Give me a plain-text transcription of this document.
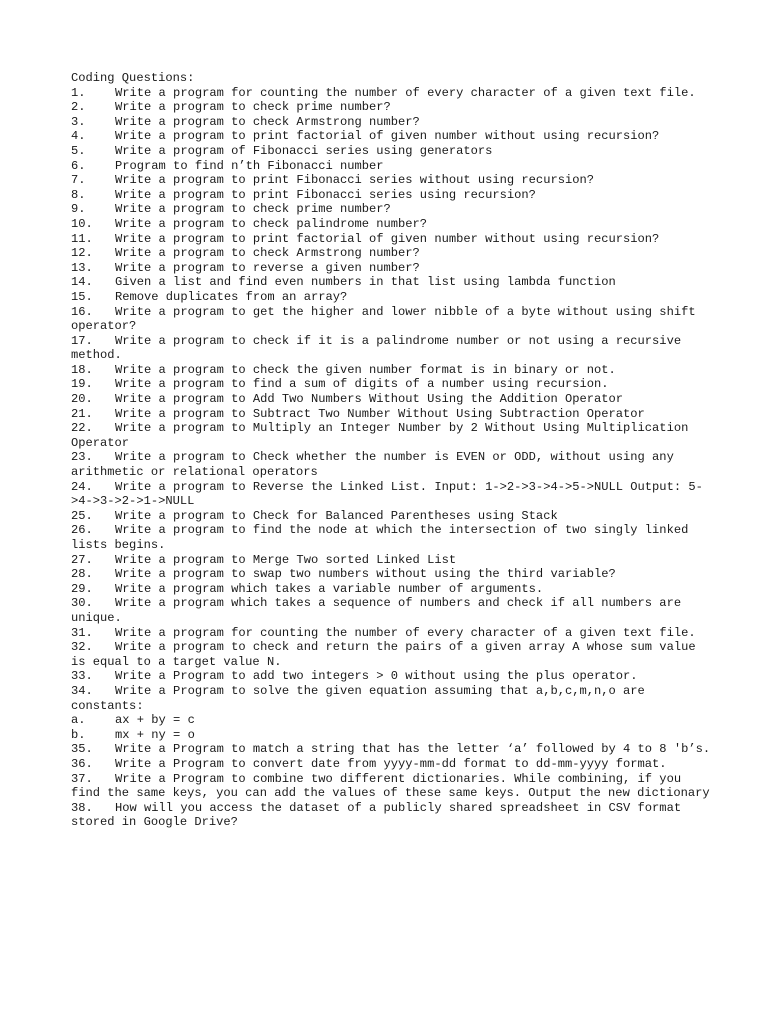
Coding Questions:
1. Write a program for counting the number of every character of a given text file.
2. Write a program to check prime number?
3. Write a program to check Armstrong number?
4. Write a program to print factorial of given number without using recursion?
5. Write a program of Fibonacci series using generators
6. Program to find n’th Fibonacci number
7. Write a program to print Fibonacci series without using recursion?
8. Write a program to print Fibonacci series using recursion?
9. Write a program to check prime number?
10. Write a program to check palindrome number?
11. Write a program to print factorial of given number without using recursion?
12. Write a program to check Armstrong number?
13. Write a program to reverse a given number?
14. Given a list and find even numbers in that list using lambda function
15. Remove duplicates from an array?
16. Write a program to get the higher and lower nibble of a byte without using shift operator?
17. Write a program to check if it is a palindrome number or not using a recursive method.
18. Write a program to check the given number format is in binary or not.
19. Write a program to find a sum of digits of a number using recursion.
20. Write a program to Add Two Numbers Without Using the Addition Operator
21. Write a program to Subtract Two Number Without Using Subtraction Operator
22. Write a program to Multiply an Integer Number by 2 Without Using Multiplication Operator
23. Write a program to Check whether the number is EVEN or ODD, without using any arithmetic or relational operators
24. Write a program to Reverse the Linked List. Input: 1->2->3->4->5->NULL Output: 5->4->3->2->1->NULL
25. Write a program to Check for Balanced Parentheses using Stack
26. Write a program to find the node at which the intersection of two singly linked lists begins.
27. Write a program to Merge Two sorted Linked List
28. Write a program to swap two numbers without using the third variable?
29. Write a program which takes a variable number of arguments.
30. Write a program which takes a sequence of numbers and check if all numbers are unique.
31. Write a program for counting the number of every character of a given text file.
32. Write a program to check and return the pairs of a given array A whose sum value is equal to a target value N.
33. Write a Program to add two integers > 0 without using the plus operator.
34. Write a Program to solve the given equation assuming that a,b,c,m,n,o are constants:
a. ax + by = c
b. mx + ny = o
35. Write a Program to match a string that has the letter ‘a’ followed by 4 to 8 'b’s.
36. Write a Program to convert date from yyyy-mm-dd format to dd-mm-yyyy format.
37. Write a Program to combine two different dictionaries. While combining, if you find the same keys, you can add the values of these same keys. Output the new dictionary
38. How will you access the dataset of a publicly shared spreadsheet in CSV format stored in Google Drive?
